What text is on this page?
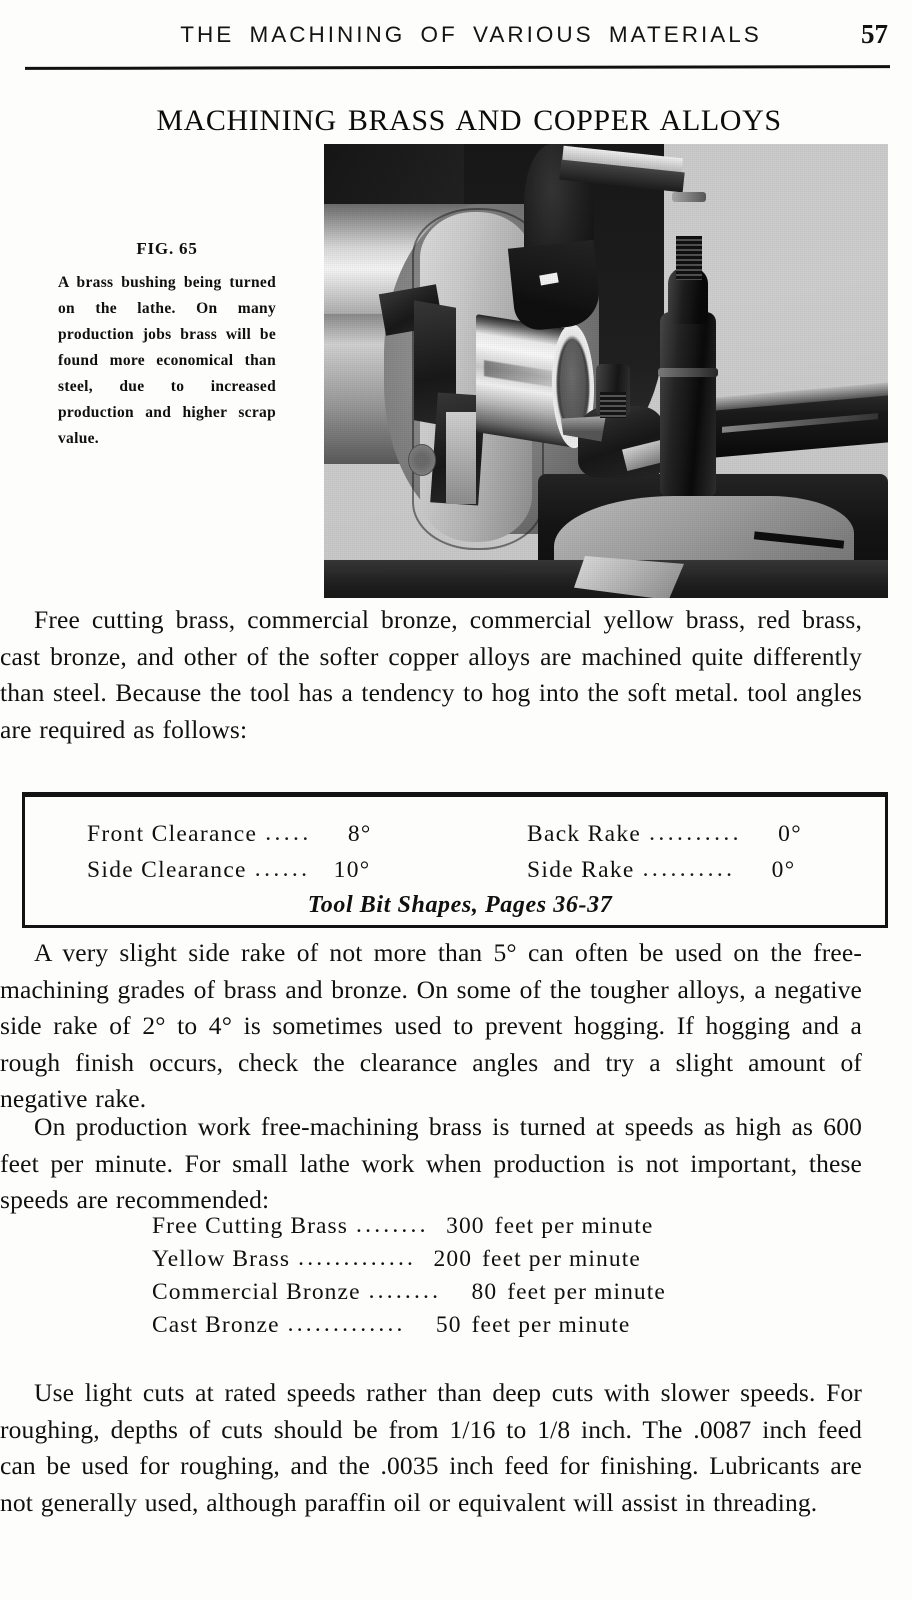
THE MACHINING OF VARIOUS MATERIALS	57
MACHINING BRASS AND COPPER ALLOYS
FIG. 65
A brass bushing being turned on the lathe. On many production jobs brass will be found more economical than steel, due to increased production and higher scrap value.

Free cutting brass, commercial bronze, commercial yellow brass, red brass, cast bronze, and other of the softer copper alloys are machined quite differently than steel. Because the tool has a tendency to hog into the soft metal. tool angles are required as follows:

Front Clearance .....	8°	Back Rake ..........	0°
Side Clearance ...... 10°	Side Rake ..........	0°
Tool Bit Shapes, Pages 36-37

A very slight side rake of not more than 5° can often be used on the free-machining grades of brass and bronze. On some of the tougher alloys, a negative side rake of 2° to 4° is sometimes used to prevent hogging. If hogging and a rough finish occurs, check the clearance angles and try a slight amount of negative rake.

On production work free-machining brass is turned at speeds as high as 600 feet per minute. For small lathe work when production is not important, these speeds are recommended:

Free Cutting Brass ........ 300 feet per minute
Yellow Brass ............. 200 feet per minute
Commercial Bronze ........	80 feet per minute
Cast Bronze .............	50 feet per minute

Use light cuts at rated speeds rather than deep cuts with slower speeds. For roughing, depths of cuts should be from 1/16 to 1/8 inch. The .0087 inch feed can be used for roughing, and the .0035 inch feed for finishing. Lubricants are not generally used, although paraffin oil or equivalent will assist in threading.
